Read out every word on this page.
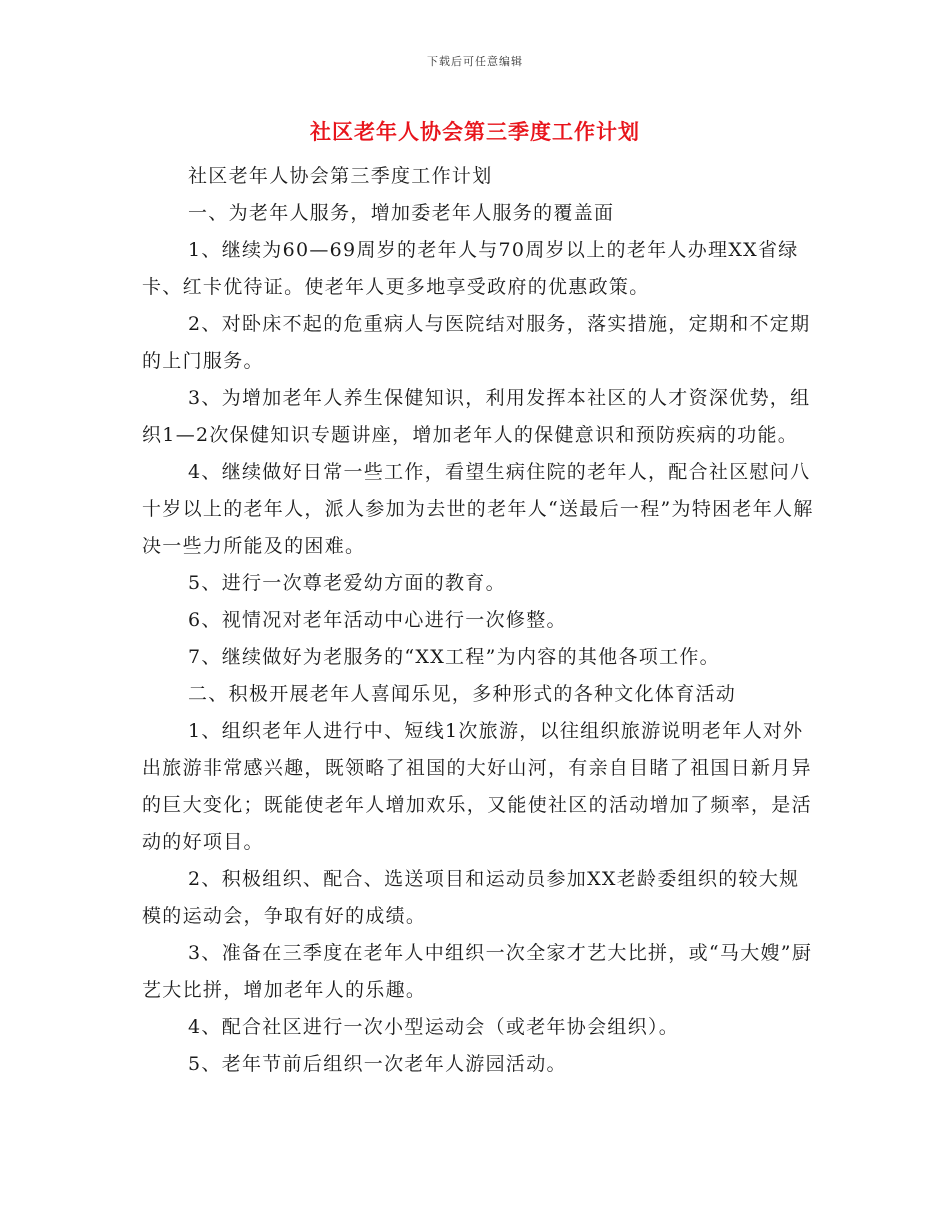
下载后可任意编辑
社区老年人协会第三季度工作计划

社区老年人协会第三季度工作计划

一、为老年人服务，增加委老年人服务的覆盖面

1、继续为60—69周岁的老年人与70周岁以上的老年人办理XX省绿卡、红卡优待证。使老年人更多地享受政府的优惠政策。

2、对卧床不起的危重病人与医院结对服务，落实措施，定期和不定期的上门服务。

3、为增加老年人养生保健知识，利用发挥本社区的人才资深优势，组织1—2次保健知识专题讲座，增加老年人的保健意识和预防疾病的功能。

4、继续做好日常一些工作，看望生病住院的老年人，配合社区慰问八十岁以上的老年人，派人参加为去世的老年人“送最后一程”为特困老年人解决一些力所能及的困难。

5、进行一次尊老爱幼方面的教育。

6、视情况对老年活动中心进行一次修整。

7、继续做好为老服务的“XX工程”为内容的其他各项工作。

二、积极开展老年人喜闻乐见，多种形式的各种文化体育活动

1、组织老年人进行中、短线1次旅游，以往组织旅游说明老年人对外出旅游非常感兴趣，既领略了祖国的大好山河，有亲自目睹了祖国日新月异的巨大变化；既能使老年人增加欢乐，又能使社区的活动增加了频率，是活动的好项目。

2、积极组织、配合、选送项目和运动员参加XX老龄委组织的较大规模的运动会，争取有好的成绩。

3、准备在三季度在老年人中组织一次全家才艺大比拼，或“马大嫂”厨艺大比拼，增加老年人的乐趣。

4、配合社区进行一次小型运动会（或老年协会组织）。

5、老年节前后组织一次老年人游园活动。
